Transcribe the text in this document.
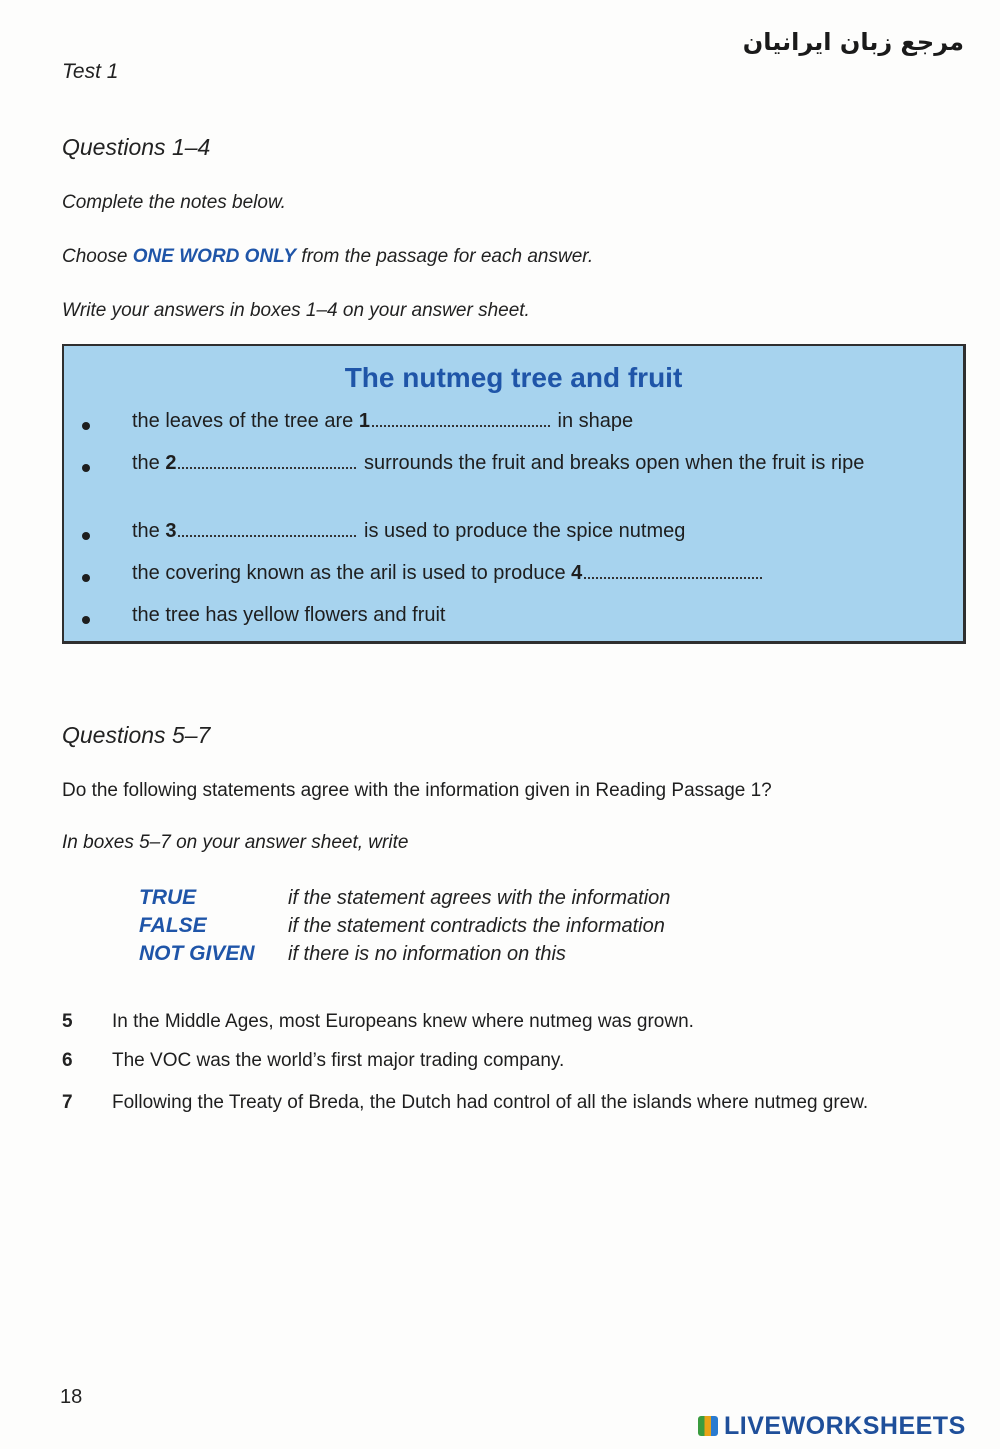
مرجع زبان ایرانیان
Test 1
Questions 1–4
Complete the notes below.
Choose ONE WORD ONLY from the passage for each answer.
Write your answers in boxes 1–4 on your answer sheet.
The nutmeg tree and fruit
the leaves of the tree are 1	in shape
the 2	surrounds the fruit and breaks open when the fruit is ripe
the 3	is used to produce the spice nutmeg
the covering known as the aril is used to produce 4
the tree has yellow flowers and fruit
Questions 5–7
Do the following statements agree with the information given in Reading Passage 1?
In boxes 5–7 on your answer sheet, write
TRUE	if the statement agrees with the information
FALSE	if the statement contradicts the information
NOT GIVEN if there is no information on this
5 In the Middle Ages, most Europeans knew where nutmeg was grown.
6 The VOC was the world’s first major trading company.
7 Following the Treaty of Breda, the Dutch had control of all the islands where nutmeg grew.
18
LIVEWORKSHEETS
